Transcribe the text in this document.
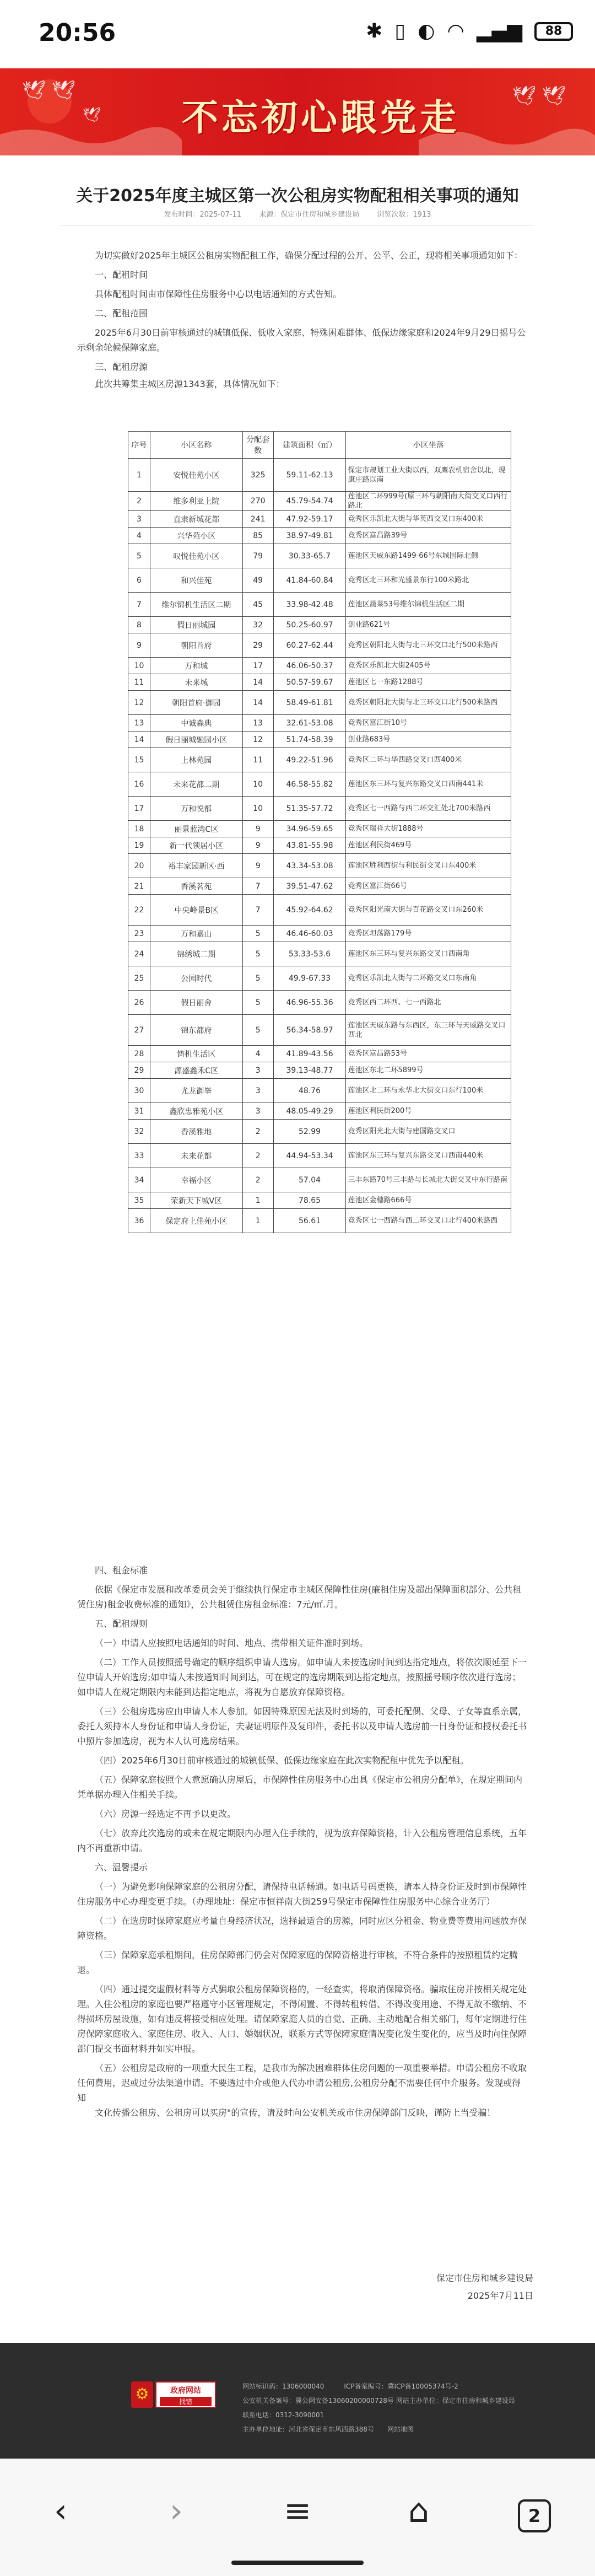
20:56	✱ ▯ ◐ ◠ ▂▄▆	88
🕊 🕊
🕊
🕊 🕊
不忘初心跟党走
关于2025年度主城区第一次公租房实物配租相关事项的通知
发布时间：2025-07-11 来源：保定市住房和城乡建设局 浏览次数：1913
为切实做好2025年主城区公租房实物配租工作，确保分配过程的公开、公平、公正，现将相关事项通知如下：
一、配租时间
具体配租时间由市保障性住房服务中心以电话通知的方式告知。
二、配租范围
2025年6月30日前审核通过的城镇低保、低收入家庭、特殊困难群体、低保边缘家庭和2024年9月29日摇号公示剩余轮候保障家庭。
三、配租房源
此次共筹集主城区房源1343套，具体情况如下：
序号	小区名称	分配套数	建筑面积（㎡）	小区坐落
1	安悦佳苑小区	325	59.11-62.13	保定市规划工业大街以西，双鹰农机宿舍以北，现康庄路以南
2	维多利亚上院	270	45.79-54.74	莲池区二环999号(原三环与朝阳南大街交叉口西行路北
3	直隶新城花都	241	47.92-59.17	竞秀区乐凯北大街与华英西交叉口东400米
4	兴华苑小区	85	38.97-49.81	竞秀区富昌路39号
5	叹悦佳苑小区	79	30.33-65.7	莲池区天威东路1499-66号东城国际北侧
6	和兴佳苑	49	41.84-60.84	竞秀区北三环和光盛景东行100米路北
7	维尔锦机生活区二期	45	33.98-42.48	莲池区蔬菜53号维尔锦机生活区二期
8	假日丽城园	32	50.25-60.97	创业路621号
9	朝阳首府	29	60.27-62.44	竞秀区朝阳北大街与北三环交口北行500米路西
10	万和城	17	46.06-50.37	竞秀区乐凯北大街2405号
11	未来城	14	50.57-59.67	莲池区七一东路1288号
12	朝阳首府·御园	14	58.49-61.81	竞秀区朝阳北大街与北三环交口北行500米路西
13	中诚森典	13	32.61-53.08	竞秀区富江街10号
14	假日丽城融园小区	12	51.74-58.39	创业路683号
15	上林苑园	11	49.22-51.96	竞秀区二环与华西路交叉口西400米
16	未来花都二期	10	46.58-55.82	莲池区东三环与复兴东路交叉口西南441米
17	万和悦都	10	51.35-57.72	竞秀区七一西路与西二环交汇处北700米路西
18	丽景蓝湾C区	9	34.96-59.65	竞秀区瑞祥大街1888号
19	新一代领居小区	9	43.81-55.98	莲池区利民街469号
20	裕丰家园新区·西	9	43.34-53.08	莲池区胜利西街与利民街交叉口东400米
21	香溪茗苑	7	39.51-47.62	竞秀区富江街66号
22	中央峰景B区	7	45.92-64.62	竞秀区阳光南大街与百花路交叉口东260米
23	万和嘉山	5	46.46-60.03	竞秀区坦荡路179号
24	锦绣城二期	5	53.33-53.6	莲池区东三环与复兴东路交叉口西南角
25	公园时代	5	49.9-67.33	竞秀区乐凯北大街与二环路交叉口东南角
26	假日丽舍	5	46.96-55.36	竞秀区西二环西、七一西路北
27	锦东都府	5	56.34-58.97	莲池区天威东路与东西区，东三环与天威路交叉口西北
28	铸机生活区	4	41.89-43.56	竞秀区富昌路53号
29	源盛鑫禾C区	3	39.13-48.77	莲池区东北二环5899号
30	尤龙御峯	3	48.76	莲池区北二环与永华北大街交口东行100米
31	鑫欣忠雅苑小区	3	48.05-49.29	莲池区利民街200号
32	香溪雅地	2	52.99	竞秀区阳光北大街与建国路交叉口
33	未来花都	2	44.94-53.34	莲池区东三环与复兴东路交叉口西南440米
34	幸福小区	2	57.04	三丰东路70号三丰路与长城北大街交叉中东行路南
35	荣新天下城V区	1	78.65	莲池区金穗路666号
36	保定府上佳苑小区	1	56.61	竞秀区七一西路与西二环交叉口北行400米路西
四、租金标准
依据《保定市发展和改革委员会关于继续执行保定市主城区保障性住房(廉租住房及超出保障面积部分、公共租赁住房)租金收费标准的通知》，公共租赁住房租金标准：7元/㎡.月。
五、配租规则
（一）申请人应按照电话通知的时间、地点、携带相关证件准时到场。
（二）工作人员按照摇号确定的顺序组织申请人选房。如申请人未按选房时间到达指定地点，将依次顺延至下一位申请人开始选房;如申请人未按通知时间到达，可在规定的选房期限到达指定地点，按照摇号顺序依次进行选房；如申请人在规定期限内未能到达指定地点，将视为自愿放弃保障资格。
（三）公租房选房应由申请人本人参加。如因特殊原因无法及时到场的，可委托配偶、父母、子女等直系亲属，委托人须持本人身份证和申请人身份证，夫妻证明原件及复印件，委托书以及申请人选房前一日身份证和授权委托书中照片参加选房，视为本人认可选房结果。
（四）2025年6月30日前审核通过的城镇低保、低保边缘家庭在此次实物配租中优先予以配租。
（五）保障家庭按照个人意愿确认房屋后，市保障性住房服务中心出具《保定市公租房分配单》，在规定期间内凭单据办理入住相关手续。
（六）房源一经选定不再予以更改。
（七）放弃此次选房的或未在规定期限内办理入住手续的，视为放弃保障资格，计入公租房管理信息系统，五年内不再重新申请。
六、温馨提示
（一）为避免影响保障家庭的公租房分配，请保持电话畅通。如电话号码更换，请本人持身份证及时到市保障性住房服务中心办理变更手续。（办理地址：保定市恒祥南大街259号保定市保障性住房服务中心综合业务厅）
（二）在选房时保障家庭应考量自身经济状况，选择最适合的房源，同时应区分租金、物业费等费用问题放弃保障资格。
（三）保障家庭承租期间，住房保障部门仍会对保障家庭的保障资格进行审核，不符合条件的按照租赁约定腾退。
（四）通过提交虚假材料等方式骗取公租房保障资格的，一经查实，将取消保障资格。骗取住房并按相关规定处理。入住公租房的家庭也要严格遵守小区管理规定，不得闲置、不得转租转借、不得改变用途、不得无故不缴纳、不得损坏房屋设施，如有违反将接受相应处理。请保障家庭人员的自觉、正确、主动地配合相关部门，每年定期进行住房保障家庭收入、家庭住房、收入、人口、婚姻状况，联系方式等保障家庭情况变化发生变化的，应当及时向住保障部门提交书面材料并如实申报。
（五）公租房是政府的一项重大民生工程，是我市为解决困难群体住房问题的一项重要举措。申请公租房不收取任何费用，迟或过分法渠道申请。不要透过中介或他人代办申请公租房,公租房分配不需要任何中介服务。发现或得知
文化传播公租房、公租房可以买房"的宣传，请及时向公安机关或市住房保障部门反映，谨防上当受骗！
保定市住房和城乡建设局
2025年7月11日
⚙	政府网站
找错
网站标识码：1306000040　　　ICP备案编号：冀ICP备10005374号-2
公安机关备案号：冀公网安备13060200000728号 网站主办单位：保定市住房和城乡建设局
联系电话：0312-3090001
主办单位地址：河北省保定市东风西路388号　　网站地图
‹	›	≡	⌂	2
